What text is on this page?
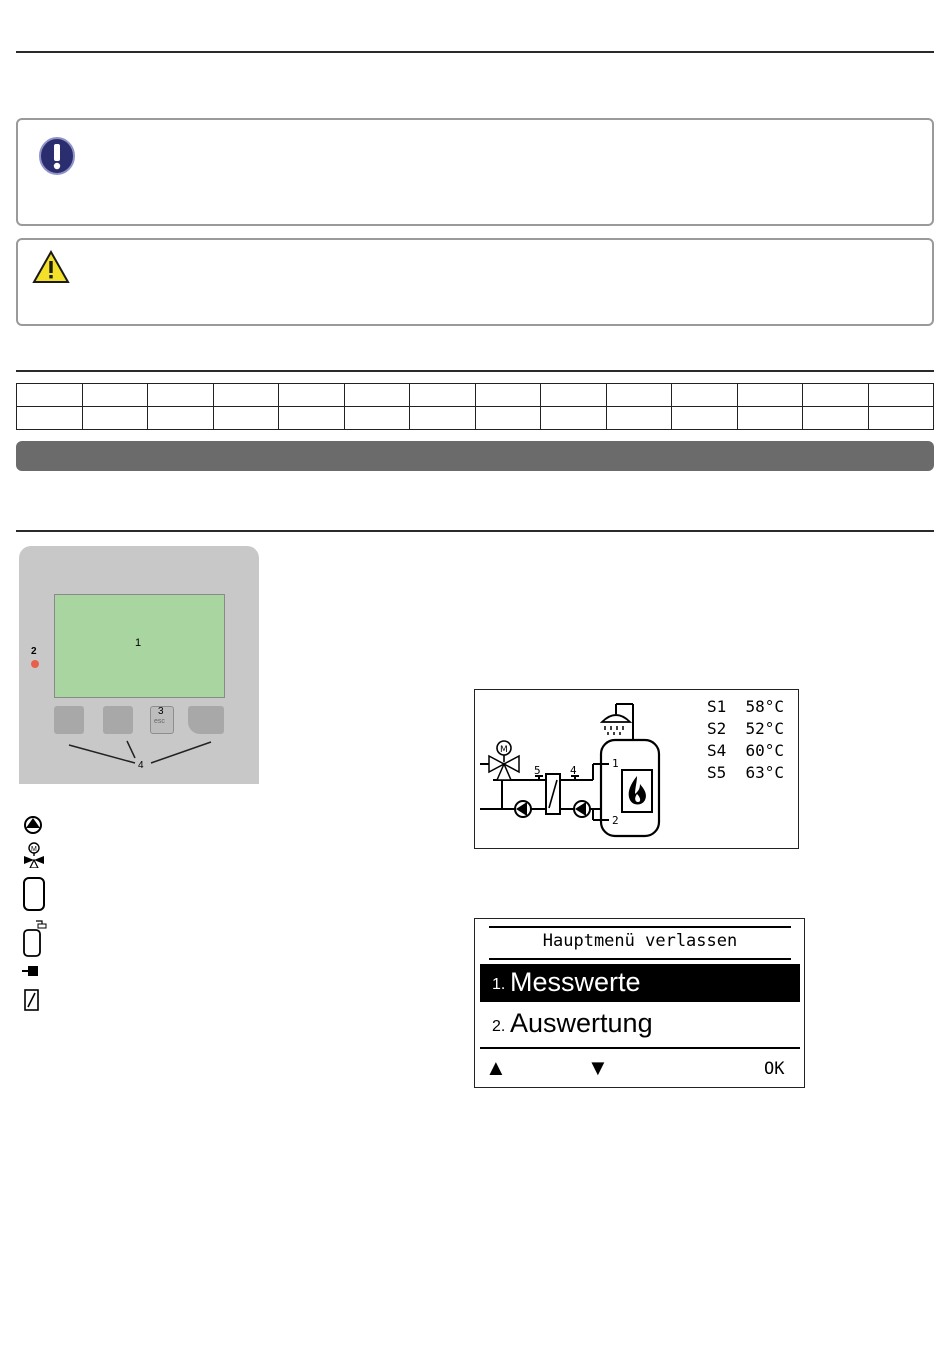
1
2
3
esc
4
M
M
5	4
1
2
S1 58°C
S2 52°C
S4 60°C
S5 63°C
Hauptmenü verlassen
1. Messwerte
2. Auswertung
▲	▼	OK
